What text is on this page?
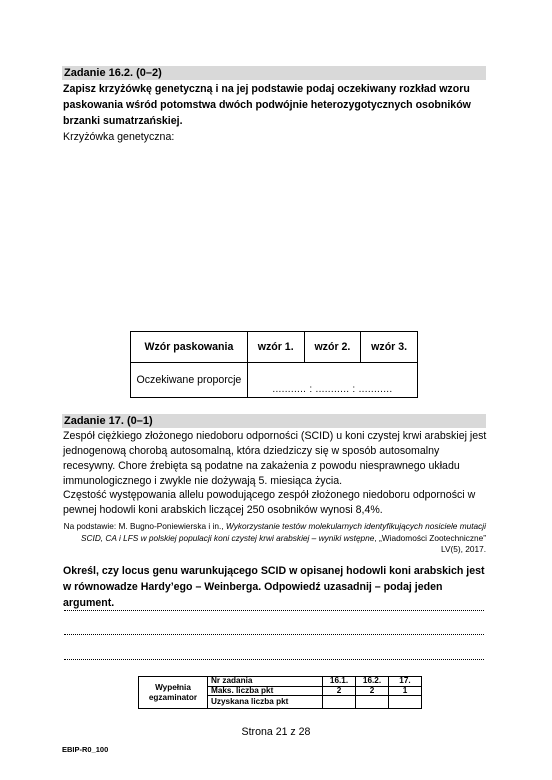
Zadanie 16.2. (0–2)
Zapisz krzyżówkę genetyczną i na jej podstawie podaj oczekiwany rozkład wzoru paskowania wśród potomstwa dwóch podwójnie heterozygotycznych osobników brzanki sumatrzańskiej.
Krzyżówka genetyczna:
Wzór paskowania	wzór 1.	wzór 2.	wzór 3.
Oczekiwane proporcje	........... : ........... : ...........		
Zadanie 17. (0–1)
Zespół ciężkiego złożonego niedoboru odporności (SCID) u koni czystej krwi arabskiej jest jednogenową chorobą autosomalną, która dziedziczy się w sposób autosomalny recesywny. Chore źrebięta są podatne na zakażenia z powodu niesprawnego układu immunologicznego i zwykle nie dożywają 5. miesiąca życia.
Częstość występowania allelu powodującego zespół złożonego niedoboru odporności w pewnej hodowli koni arabskich liczącej 250 osobników wynosi 8,4%.
Na podstawie: M. Bugno-Poniewierska i in., Wykorzystanie testów molekularnych identyfikujących nosiciele mutacji SCID, CA i LFS w polskiej populacji koni czystej krwi arabskiej – wyniki wstępne, „Wiadomości Zootechniczne” LV(5), 2017.
Określ, czy locus genu warunkującego SCID w opisanej hodowli koni arabskich jest w równowadze Hardy’ego – Weinberga. Odpowiedź uzasadnij – podaj jeden argument.
Wypełnia egzaminator	Nr zadania	16.1.	16.2.	17.
	Maks. liczba pkt	2	2	1
	Uzyskana liczba pkt			
Strona 21 z 28
EBIP-R0_100
